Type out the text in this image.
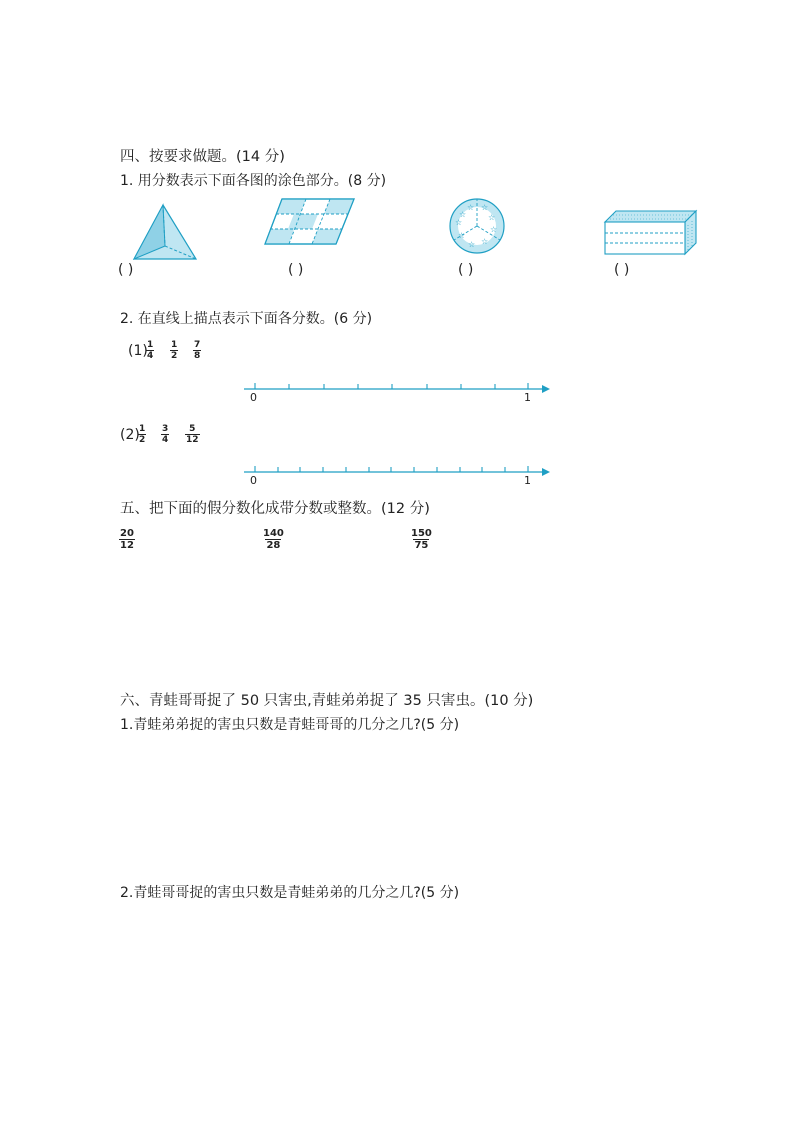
四、按要求做题。(14 分)
1. 用分数表示下面各图的涂色部分。(8 分)
( )	( )
☆ ☆
☆
☆
☆
☆
☆
☆
☆
( )	( )
2. 在直线上描点表示下面各分数。(6 分)
(1)
$\frac{1}{4} \frac{1}{2} \frac{7}{8}$
0	1
(2)
$\frac{1}{2} \frac{3}{4} \frac{5}{12}$
0	1
五、把下面的假分数化成带分数或整数。(12 分)
$\frac{20}{12}$	$\frac{140}{28}$	$\frac{150}{75}$
六、青蛙哥哥捉了 50 只害虫,青蛙弟弟捉了 35 只害虫。(10 分)
1.青蛙弟弟捉的害虫只数是青蛙哥哥的几分之几?(5 分)
2.青蛙哥哥捉的害虫只数是青蛙弟弟的几分之几?(5 分)
